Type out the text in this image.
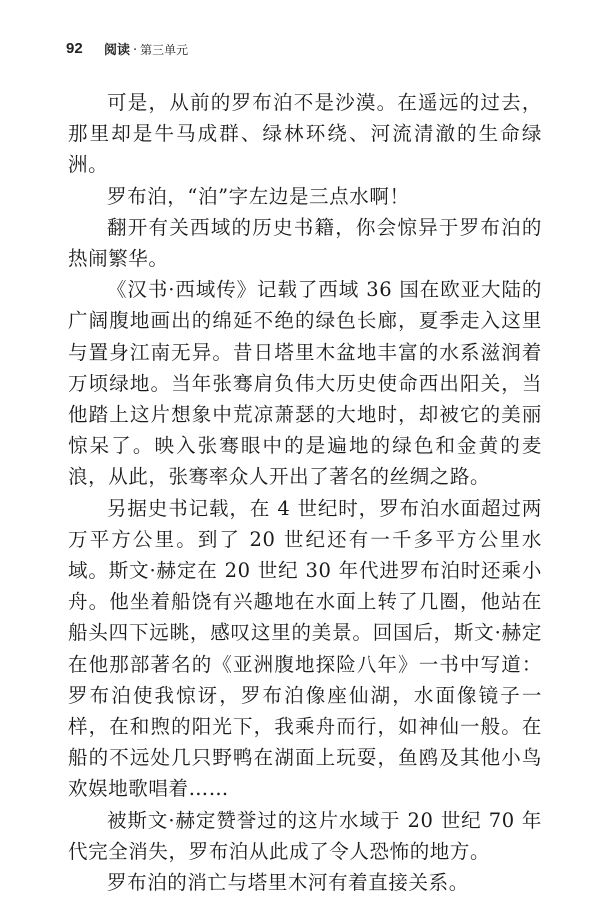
92	阅读 · 第三单元

可是，从前的罗布泊不是沙漠。在遥远的过去，那里却是牛马成群、绿林环绕、河流清澈的生命绿洲。

罗布泊，“泊”字左边是三点水啊！

翻开有关西域的历史书籍，你会惊异于罗布泊的热闹繁华。

《汉书·西域传》记载了西域 36 国在欧亚大陆的广阔腹地画出的绵延不绝的绿色长廊，夏季走入这里与置身江南无异。昔日塔里木盆地丰富的水系滋润着万顷绿地。当年张骞肩负伟大历史使命西出阳关，当他踏上这片想象中荒凉萧瑟的大地时，却被它的美丽惊呆了。映入张骞眼中的是遍地的绿色和金黄的麦浪，从此，张骞率众人开出了著名的丝绸之路。

另据史书记载，在 4 世纪时，罗布泊水面超过两万平方公里。到了 20 世纪还有一千多平方公里水域。斯文·赫定在 20 世纪 30 年代进罗布泊时还乘小舟。他坐着船饶有兴趣地在水面上转了几圈，他站在船头四下远眺，感叹这里的美景。回国后，斯文·赫定在他那部著名的《亚洲腹地探险八年》一书中写道：罗布泊使我惊讶，罗布泊像座仙湖，水面像镜子一样，在和煦的阳光下，我乘舟而行，如神仙一般。在船的不远处几只野鸭在湖面上玩耍，鱼鸥及其他小鸟欢娱地歌唱着……

被斯文·赫定赞誉过的这片水域于 20 世纪 70 年代完全消失，罗布泊从此成了令人恐怖的地方。

罗布泊的消亡与塔里木河有着直接关系。
